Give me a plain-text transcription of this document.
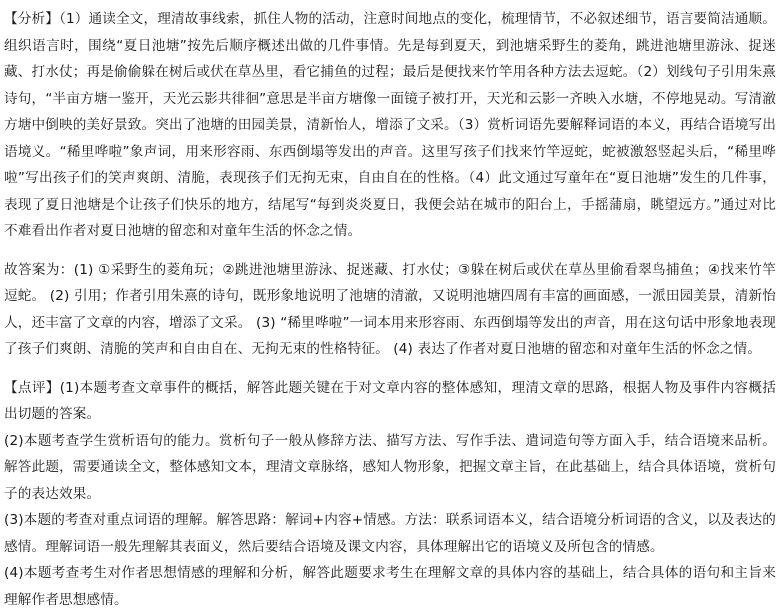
【分析】（1）通读全文，理清故事线索，抓住人物的活动，注意时间地点的变化，梳理情节，不必叙述细节，语言要简洁通顺。组织语言时，围绕“夏日池塘”按先后顺序概述出做的几件事情。先是每到夏天，到池塘采野生的菱角，跳进池塘里游泳、捉迷藏、打水仗；再是偷偷躲在树后或伏在草丛里，看它捕鱼的过程；最后是便找来竹竿用各种方法去逗蛇。（2）划线句子引用朱熹诗句，“半亩方塘一鉴开，天光云影共徘徊”意思是半亩方塘像一面镜子被打开，天光和云影一齐映入水塘，不停地晃动。写清澈方塘中倒映的美好景致。突出了池塘的田园美景，清新怡人，增添了文采。（3）赏析词语先要解释词语的本义，再结合语境写出语境义。“稀里哗啦”象声词，用来形容雨、东西倒塌等发出的声音。这里写孩子们找来竹竿逗蛇，蛇被激怒竖起头后，“稀里哗啦”写出孩子们的笑声爽朗、清脆，表现孩子们无拘无束，自由自在的性格。（4）此文通过写童年在“夏日池塘”发生的几件事，表现了夏日池塘是个让孩子们快乐的地方，结尾写“每到炎炎夏日，我便会站在城市的阳台上，手摇蒲扇，眺望远方。”通过对比不难看出作者对夏日池塘的留恋和对童年生活的怀念之情。
故答案为：(1) ①采野生的菱角玩；②跳进池塘里游泳、捉迷藏、打水仗；③躲在树后或伏在草丛里偷看翠鸟捕鱼；④找来竹竿逗蛇。 (2) 引用；作者引用朱熹的诗句，既形象地说明了池塘的清澈，又说明池塘四周有丰富的画面感，一派田园美景，清新怡人，还丰富了文章的内容，增添了文采。 (3) “稀里哗啦”一词本用来形容雨、东西倒塌等发出的声音，用在这句话中形象地表现了孩子们爽朗、清脆的笑声和自由自在、无拘无束的性格特征。 (4) 表达了作者对夏日池塘的留恋和对童年生活的怀念之情。
【点评】(1)本题考查文章事件的概括，解答此题关键在于对文章内容的整体感知，理清文章的思路，根据人物及事件内容概括出切题的答案。
(2)本题考查学生赏析语句的能力。赏析句子一般从修辞方法、描写方法、写作手法、遣词造句等方面入手，结合语境来品析。解答此题，需要通读全文，整体感知文本，理清文章脉络，感知人物形象，把握文章主旨，在此基础上，结合具体语境，赏析句子的表达效果。
(3)本题的考查对重点词语的理解。解答思路：解词+内容+情感。方法：联系词语本义，结合语境分析词语的含义，以及表达的感情。理解词语一般先理解其表面义，然后要结合语境及课文内容，具体理解出它的语境义及所包含的情感。
(4)本题考查考生对作者思想情感的理解和分析，解答此题要求考生在理解文章的具体内容的基础上，结合具体的语句和主旨来理解作者思想感情。
